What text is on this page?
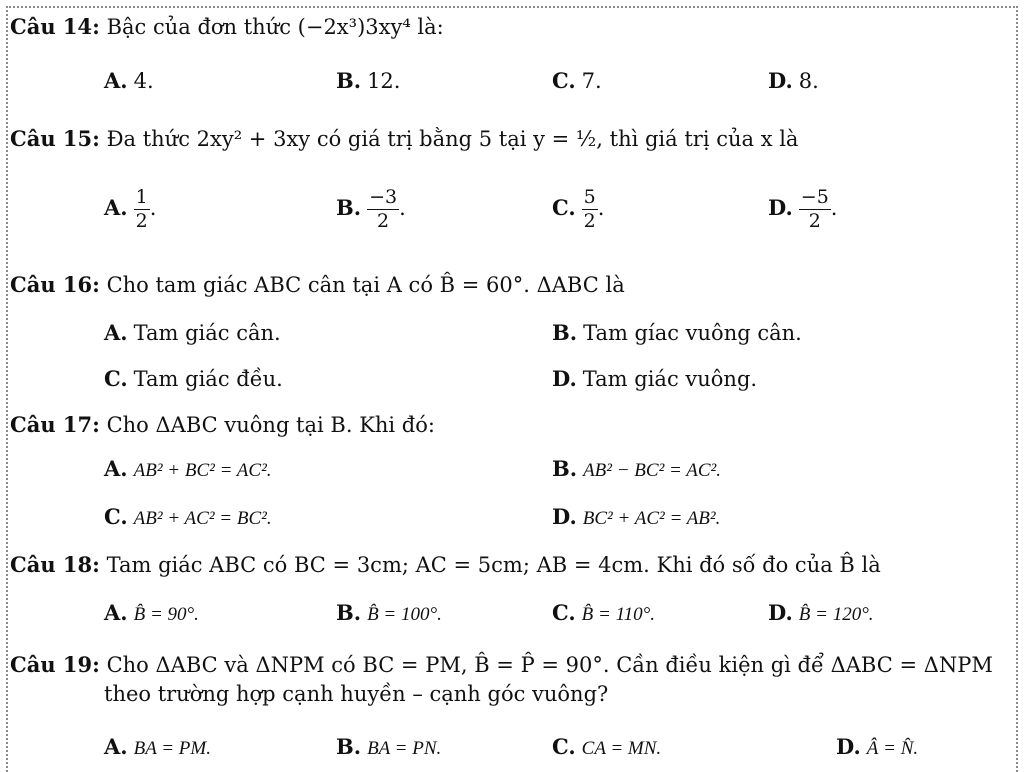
Câu 14: Bậc của đơn thức (−2x³)3xy⁴ là:
A. 4.	B. 12.	C. 7.	D. 8.
Câu 15: Đa thức 2xy² + 3xy có giá trị bằng 5 tại y = ½, thì giá trị của x là
A. $\frac{1}{2}$ .	B. $\frac{-3}{2}$ .	C. $\frac{5}{2}$ .	D. $\frac{-5}{2}$ .
Câu 16: Cho tam giác ABC cân tại A có B̂ = 60°. ΔABC là
A. Tam giác cân.	B. Tam gíac vuông cân.
C. Tam giác đều.	D. Tam giác vuông.
Câu 17: Cho ΔABC vuông tại B. Khi đó:
A. AB² + BC² = AC².	B. AB² − BC² = AC².
C. AB² + AC² = BC².	D. BC² + AC² = AB².
Câu 18: Tam giác ABC có BC = 3cm; AC = 5cm; AB = 4cm. Khi đó số đo của B̂ là
A. B̂ = 90°.	B. B̂ = 100°.	C. B̂ = 110°.	D. B̂ = 120°.
Câu 19: Cho ΔABC và ΔNPM có BC = PM, B̂ = P̂ = 90°. Cần điều kiện gì để ΔABC = ΔNPM
theo trường hợp cạnh huyền – cạnh góc vuông?
A. BA = PM.	B. BA = PN.	C. CA = MN.	D. Â = N̂.
